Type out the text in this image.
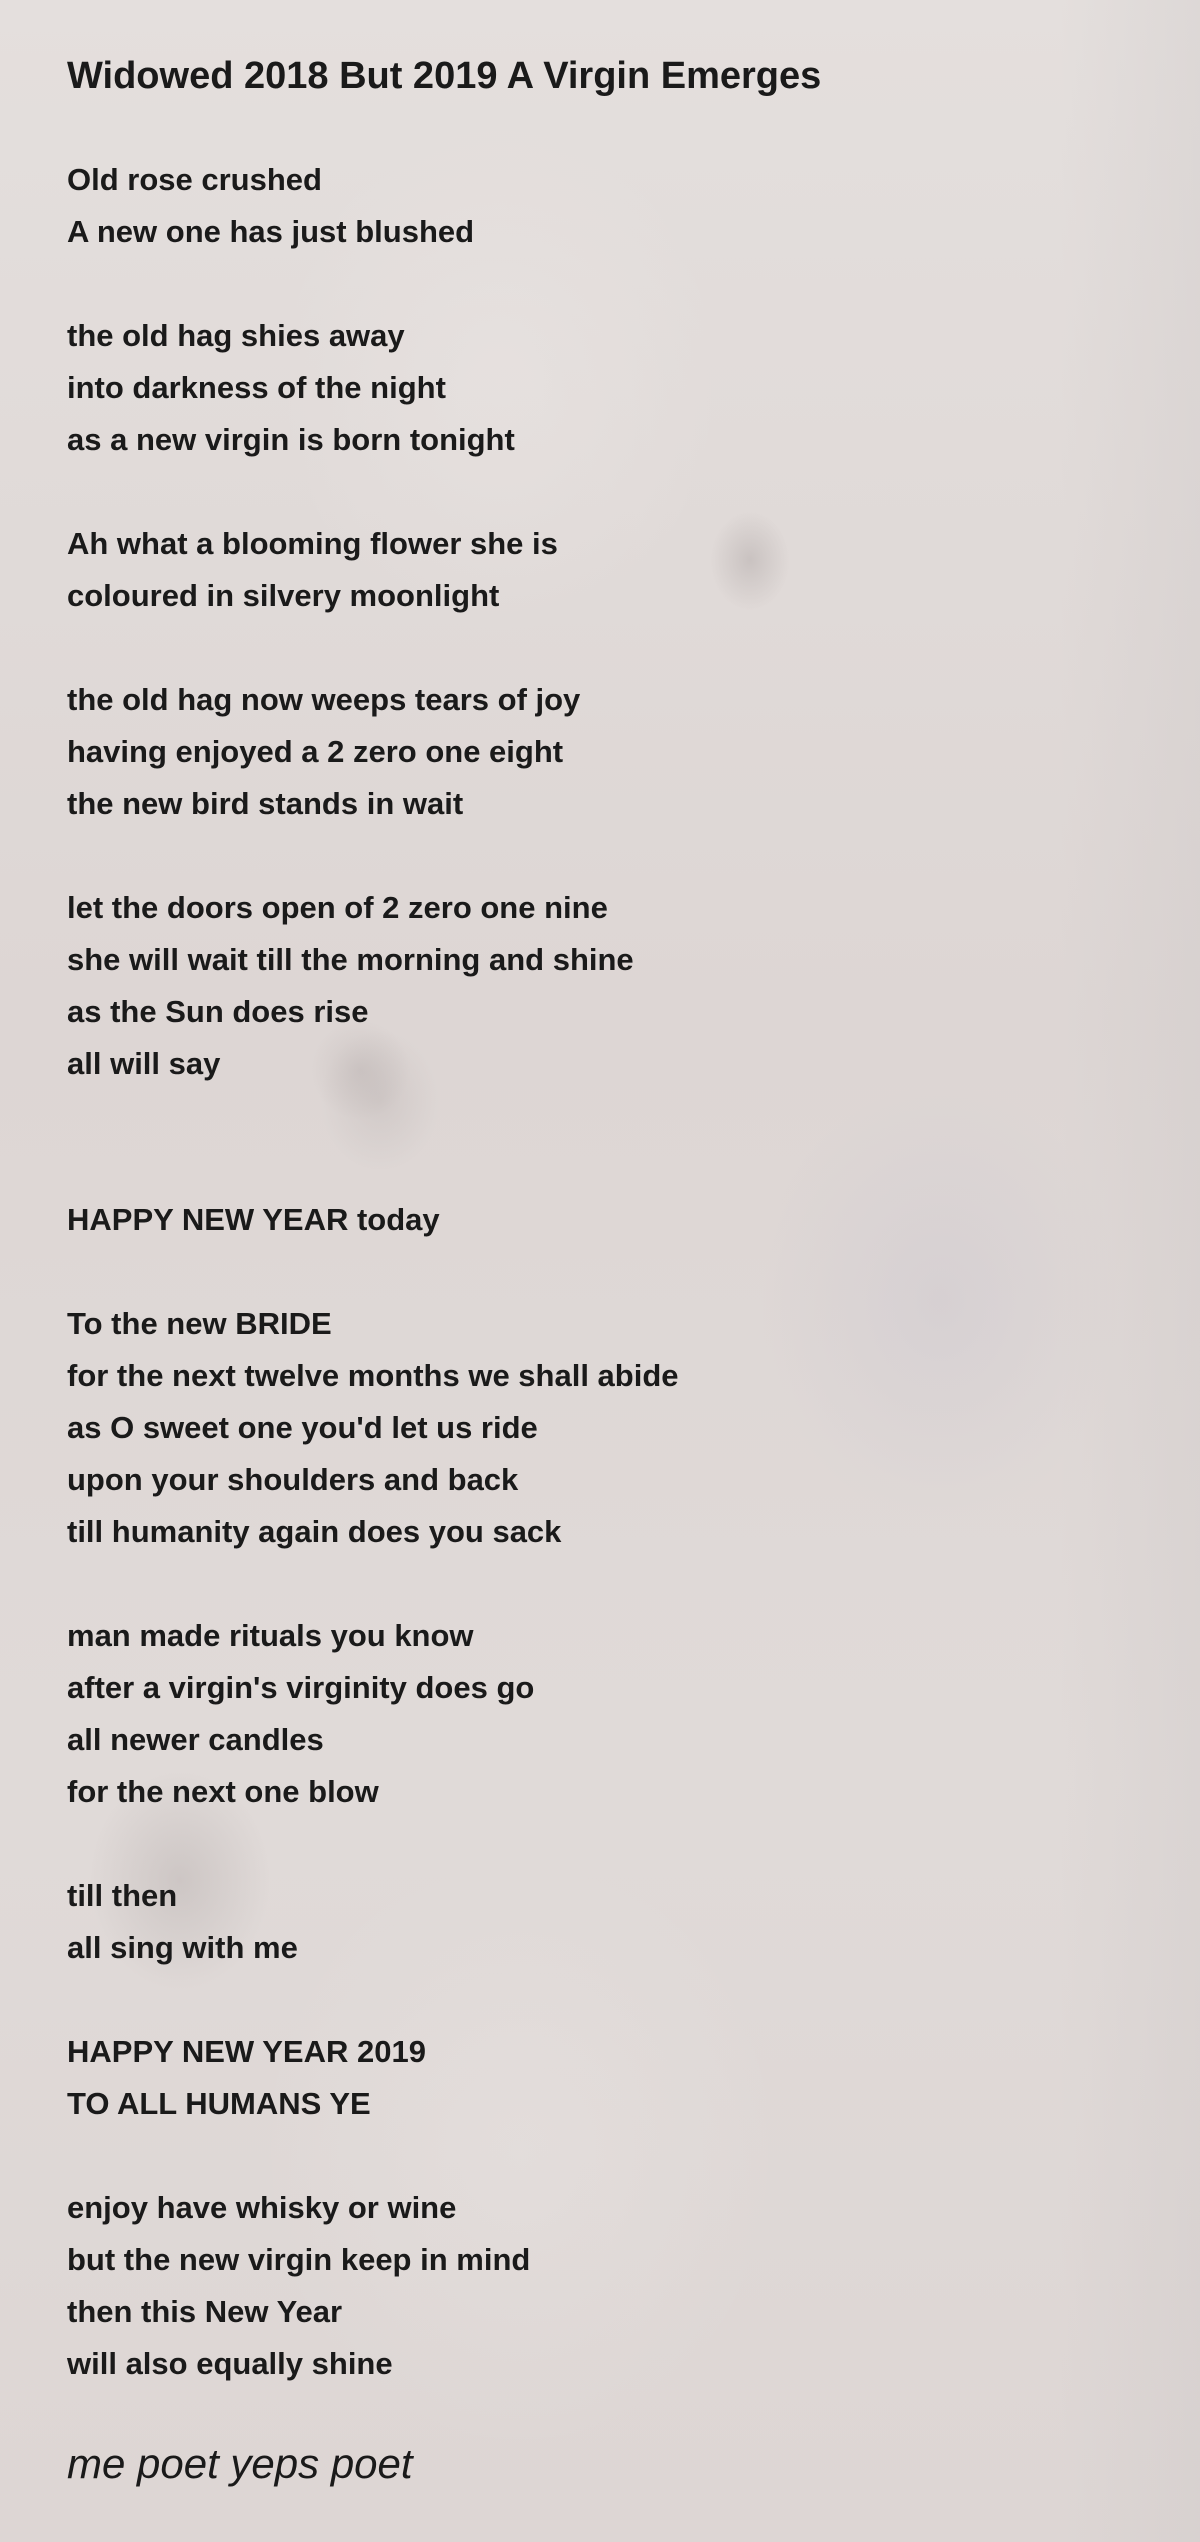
Widowed 2018 But 2019 A Virgin Emerges
Old rose crushed
A new one has just blushed
the old hag shies away
into darkness of the night
as a new virgin is born tonight
Ah what a blooming flower she is
coloured in silvery moonlight
the old hag now weeps tears of joy
having enjoyed a 2 zero one eight
the new bird stands in wait
let the doors open of 2 zero one nine
she will wait till the morning and shine
as the Sun does rise
all will say
HAPPY NEW YEAR today
To the new BRIDE
for the next twelve months we shall abide
as O sweet one you'd let us ride
upon your shoulders and back
till humanity again does you sack
man made rituals you know
after a virgin's virginity does go
all newer candles
for the next one blow
till then
all sing with me
HAPPY NEW YEAR 2019
TO ALL HUMANS YE
enjoy have whisky or wine
but the new virgin keep in mind
then this New Year
will also equally shine
me poet yeps poet
